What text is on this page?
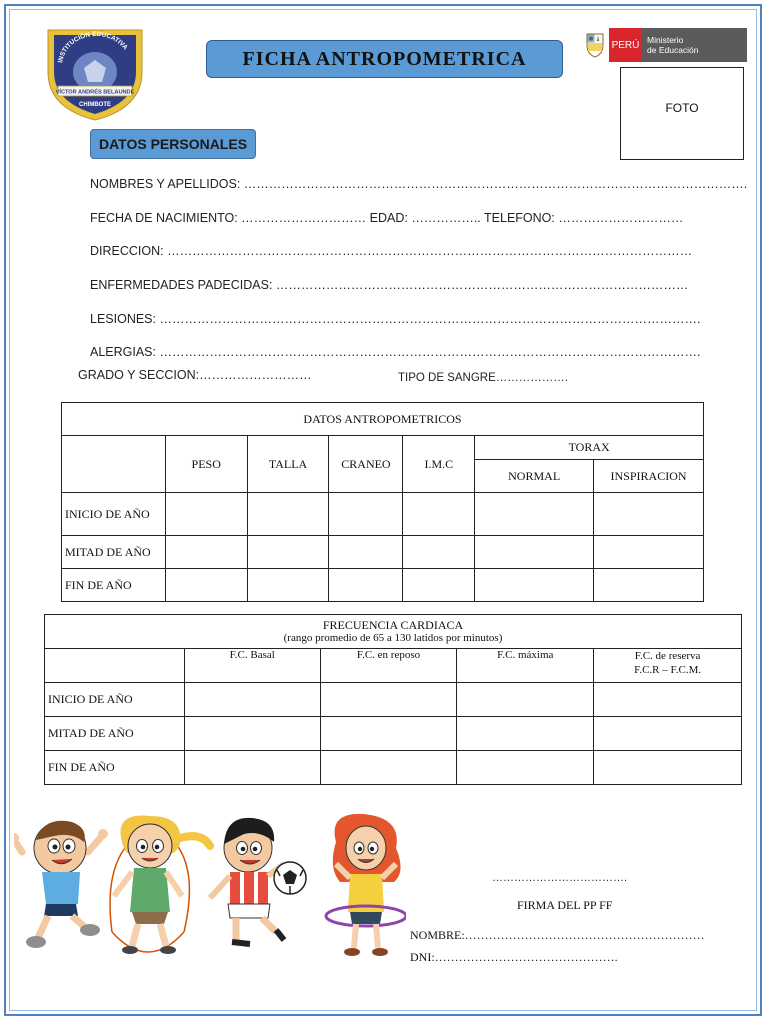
INSTITUCIÓN EDUCATIVA
VÍCTOR ANDRÉS BELAUNDE
CHIMBOTE
FICHA ANTROPOMETRICA
PERÚ Ministerio
de Educación
FOTO
DATOS PERSONALES
NOMBRES Y APELLIDOS: ………………………………………………………………………………………………………….
FECHA DE NACIMIENTO: ………………………… EDAD: …………….. TELEFONO: …………………………
DIRECCION: ………………………………………………………………………………………………………………
ENFERMEDADES PADECIDAS: ………………………………………………………………………………………
LESIONES: ………………………………………………………………………………………………………………….
ALERGIAS: ………………………………………………………………………………………………………………….
GRADO Y SECCION:………………………	TIPO DE SANGRE……………….
DATOS ANTROPOMETRICOS						
	PESO	TALLA	CRANEO	I.M.C	TORAX	
					NORMAL	INSPIRACION
INICIO DE AÑO						
MITAD DE AÑO						
FIN DE AÑO						
FRECUENCIA CARDIACA
(rango promedio de 65 a 130 latidos por minutos)				

	F.C. Basal	F.C. en reposo	F.C. máxima	F.C. de reserva
F.C.R – F.C.M.

INICIO DE AÑO				
MITAD DE AÑO				
FIN DE AÑO				
……………………………….
FIRMA DEL PP FF
NOMBRE:……………………………………………………
DNI:……………………………………….
